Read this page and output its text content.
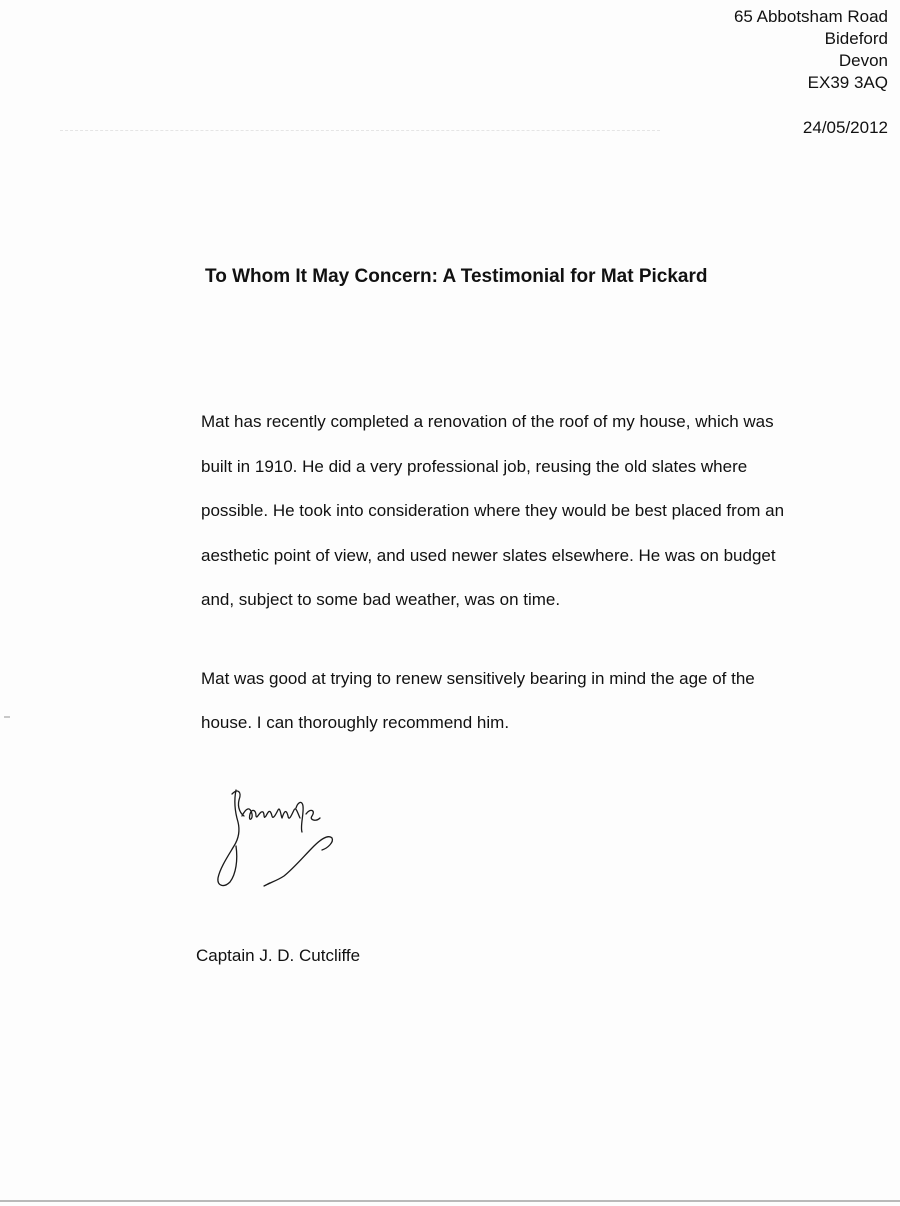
65 Abbotsham Road
Bideford
Devon
EX39 3AQ
24/05/2012
To Whom It May Concern: A Testimonial for Mat Pickard
Mat has recently completed a renovation of the roof of my house, which was
built in 1910. He did a very professional job, reusing the old slates where
possible. He took into consideration where they would be best placed from an
aesthetic point of view, and used newer slates elsewhere. He was on budget
and, subject to some bad weather, was on time.
Mat was good at trying to renew sensitively bearing in mind the age of the
house. I can thoroughly recommend him.
Captain J. D. Cutcliffe
